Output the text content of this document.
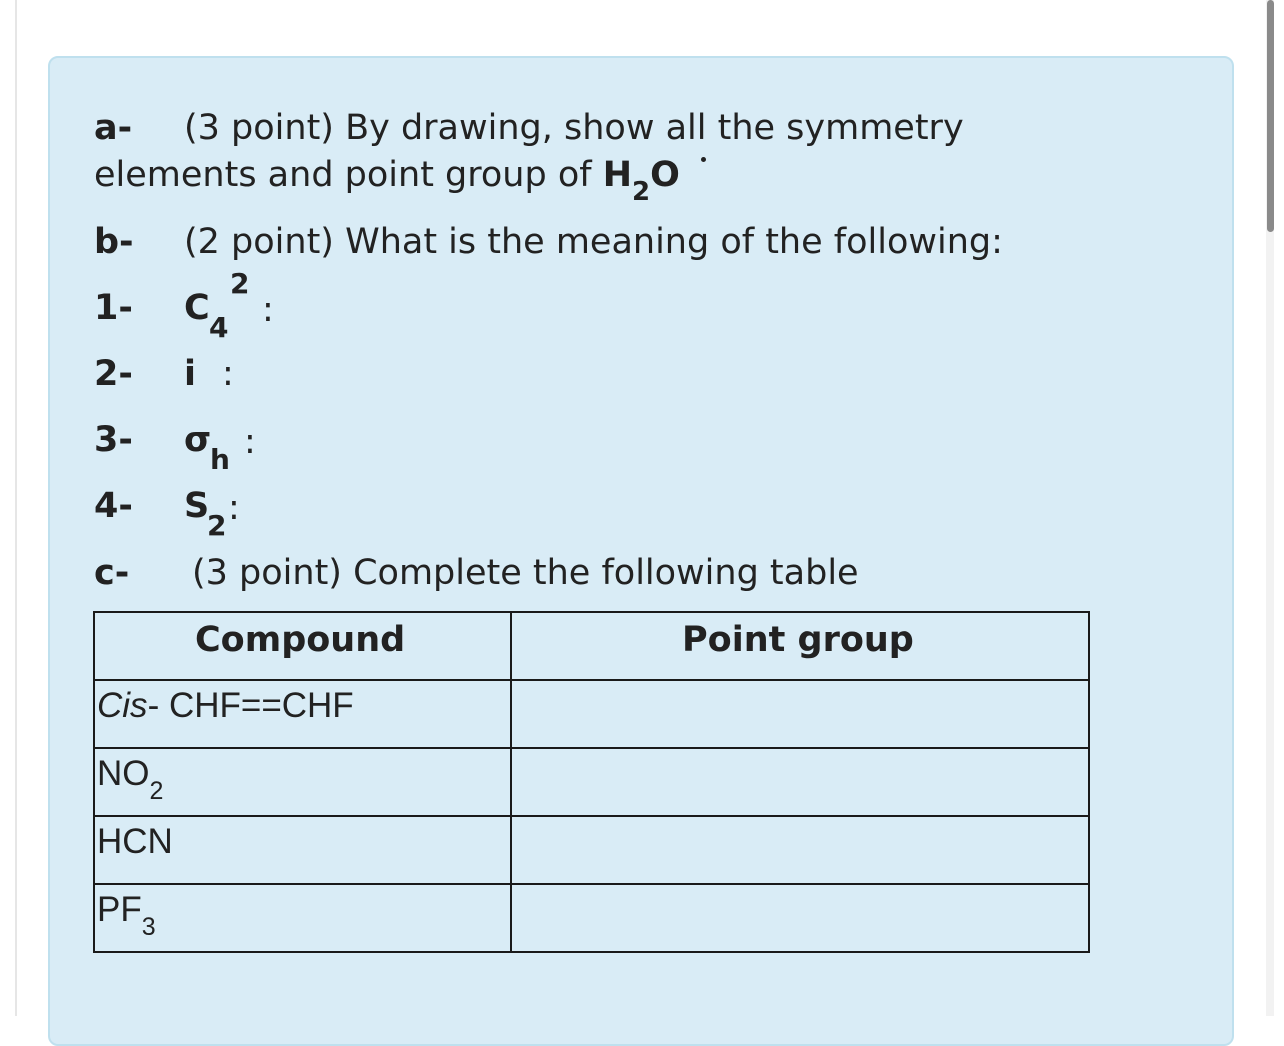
a- (3 point) By drawing, show all the symmetry
elements and point group of $H_2O$
b- (2 point) What is the meaning of the following:
1- C 4
2
:
2- i :
3- σ
h :
4- S
2 :
c- (3 point) Complete the following table
Compound	Point group
Cis- CHF==CHF	
$NO_2$	
HCN	
$PF_3$	
